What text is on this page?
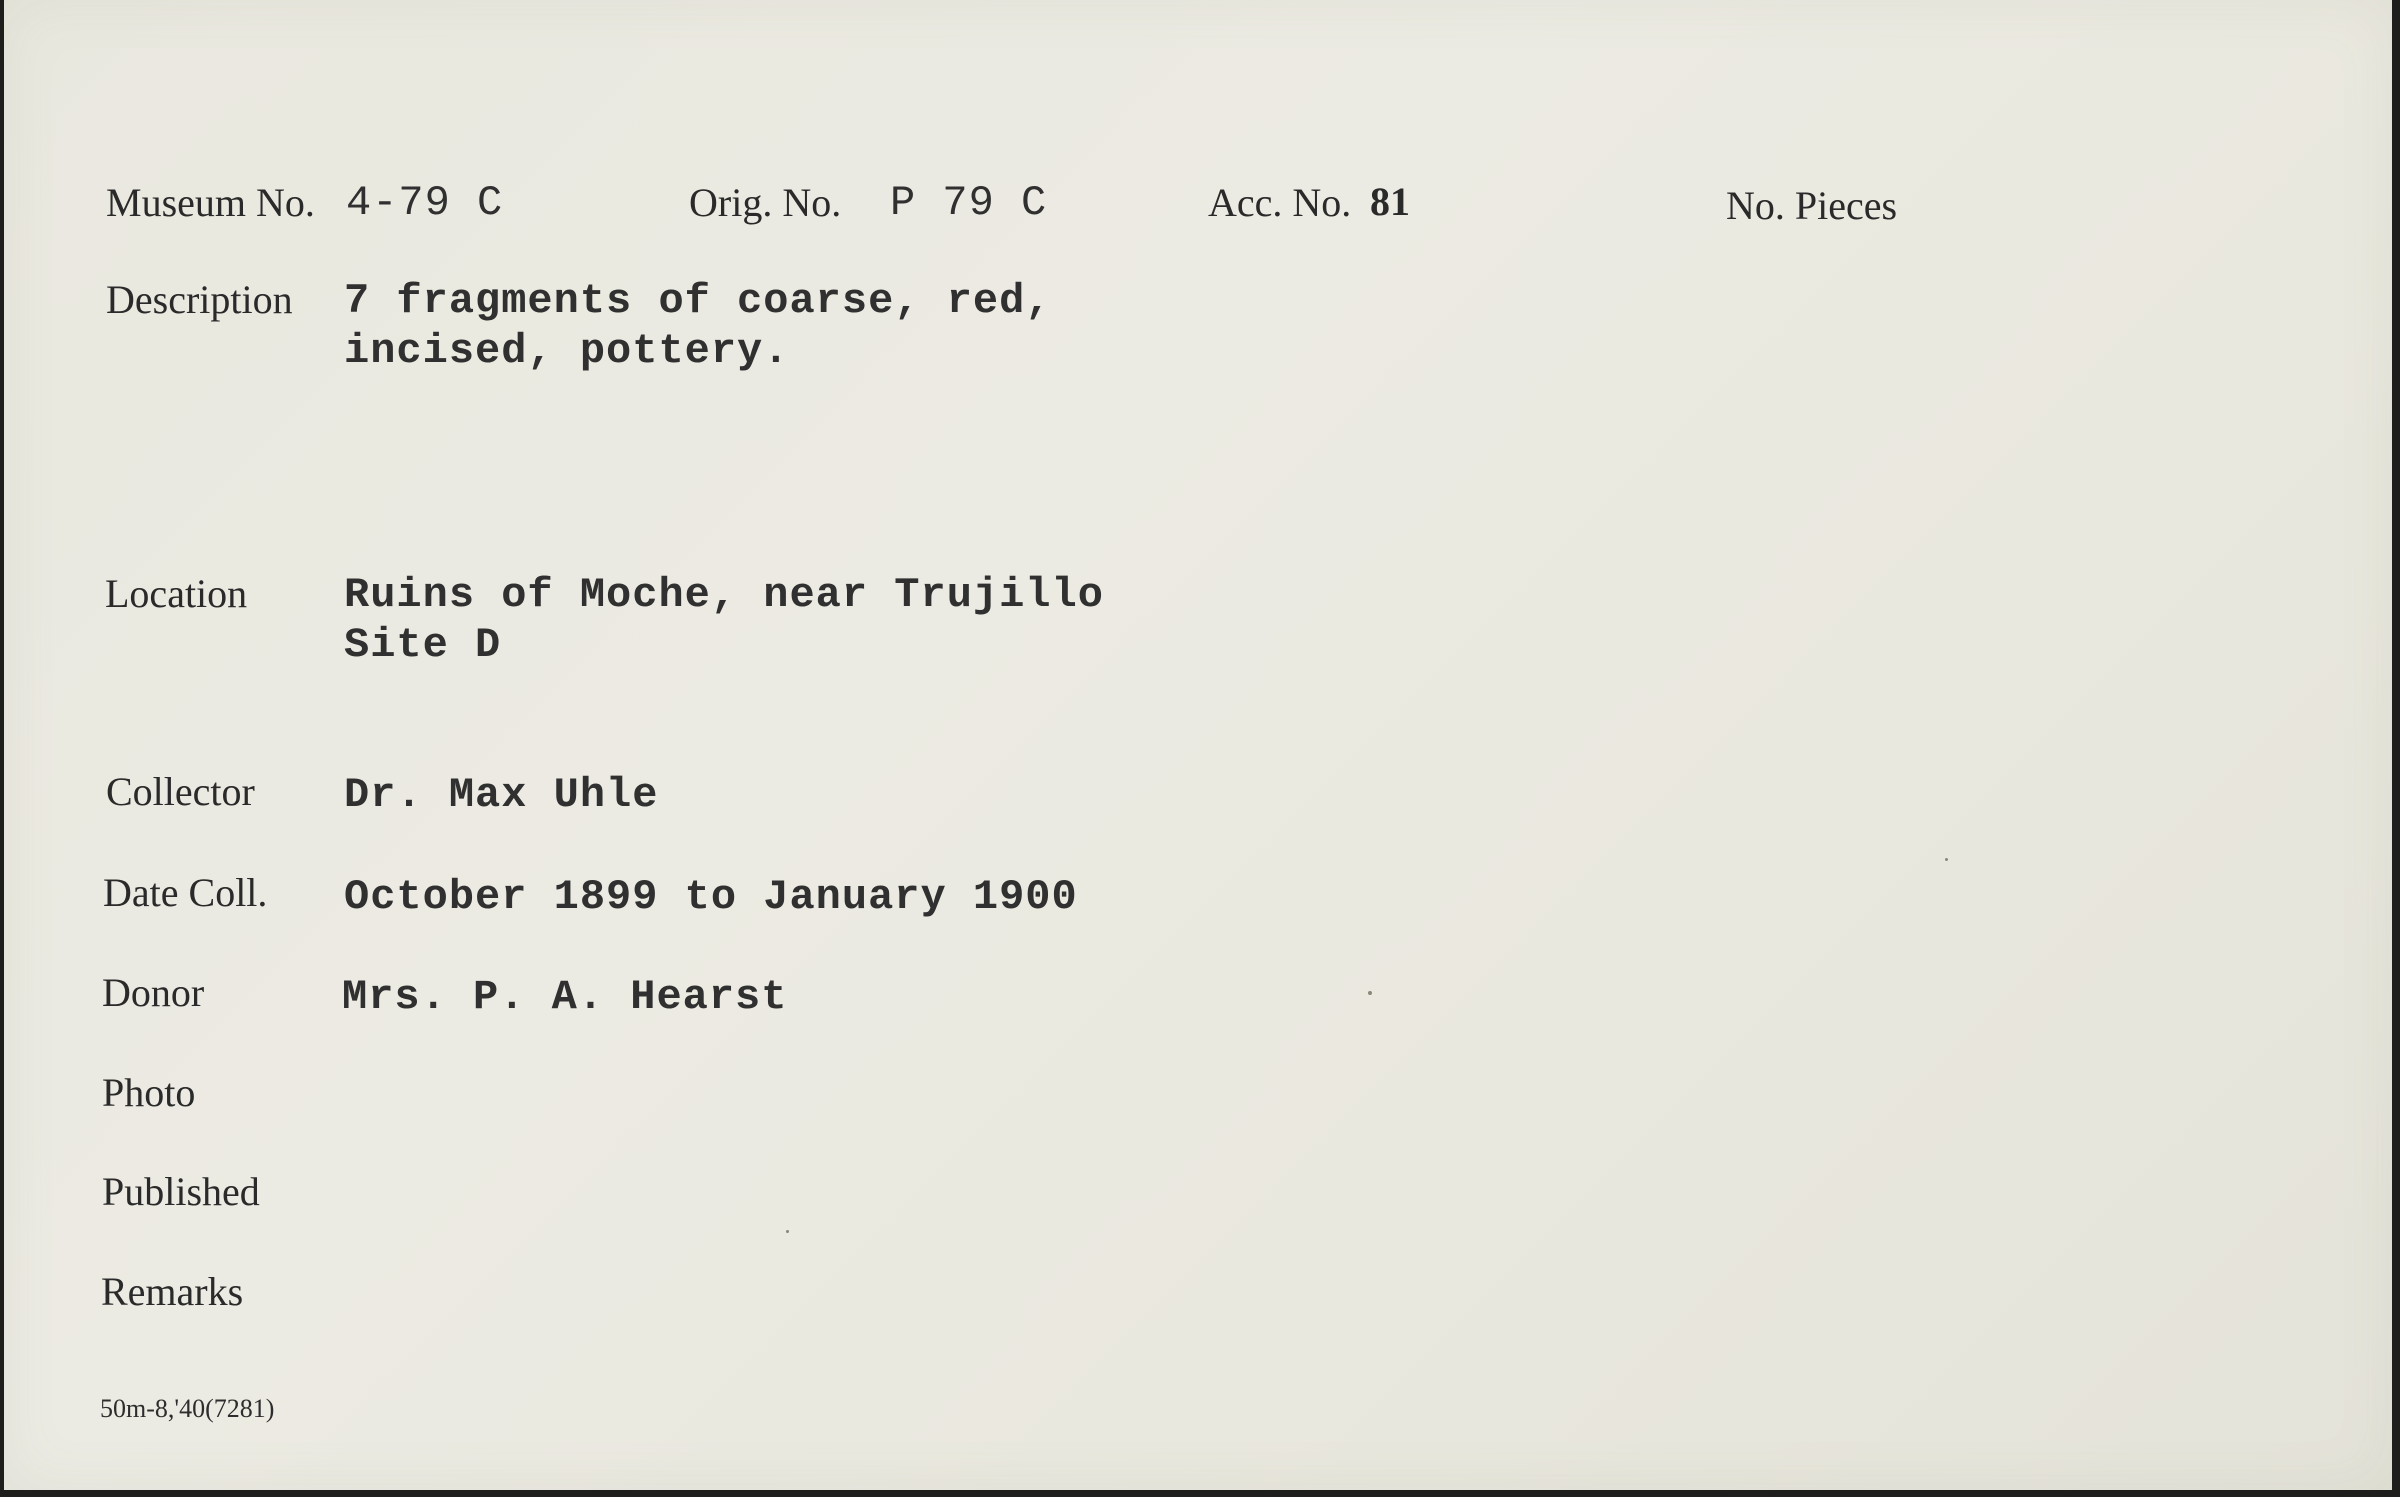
Museum No. 4-79 C	Orig. No. P 79 C	Acc. No. 81	No. Pieces
Description 7 fragments of coarse, red,
incised, pottery.
Location Ruins of Moche, near Trujillo
Site D
Collector Dr. Max Uhle
Date Coll. October 1899 to January 1900
Donor	Mrs. P. A. Hearst
Photo
Published
Remarks
50m-8,'40(7281)
